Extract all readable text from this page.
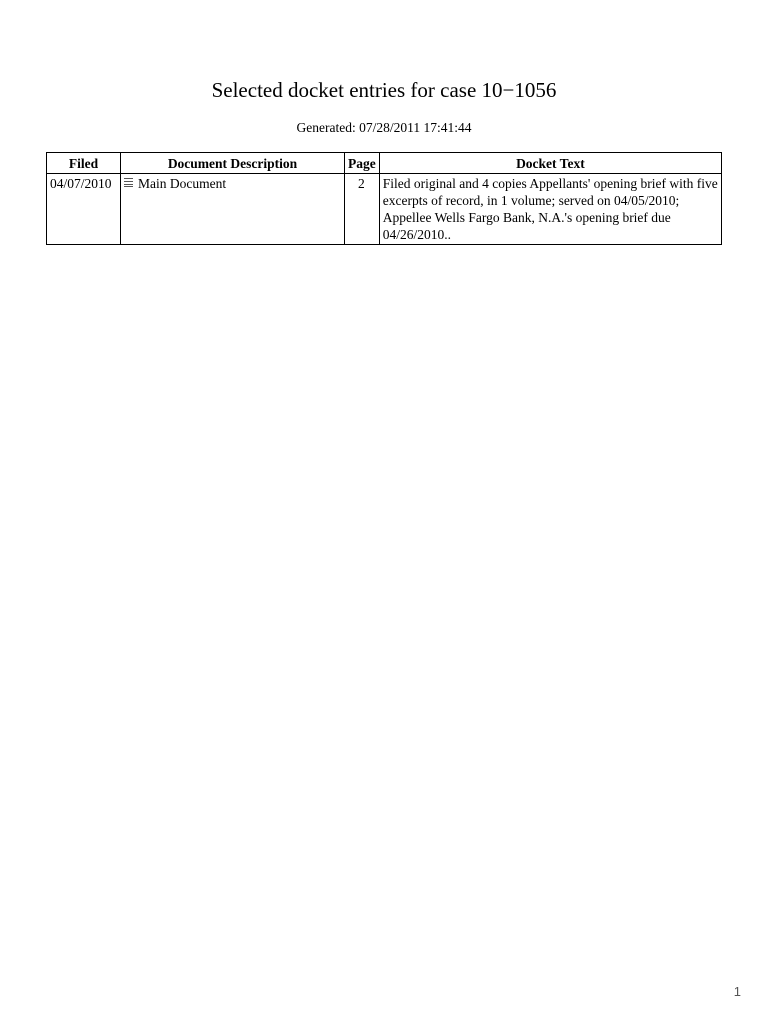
Selected docket entries for case 10−1056
Generated: 07/28/2011 17:41:44
Filed	Document Description	Page	Docket Text
04/07/2010	Main Document	2	Filed original and 4 copies Appellants' opening brief with five excerpts of record, in 1 volume; served on 04/05/2010; Appellee Wells Fargo Bank, N.A.'s opening brief due 04/26/2010..
1
